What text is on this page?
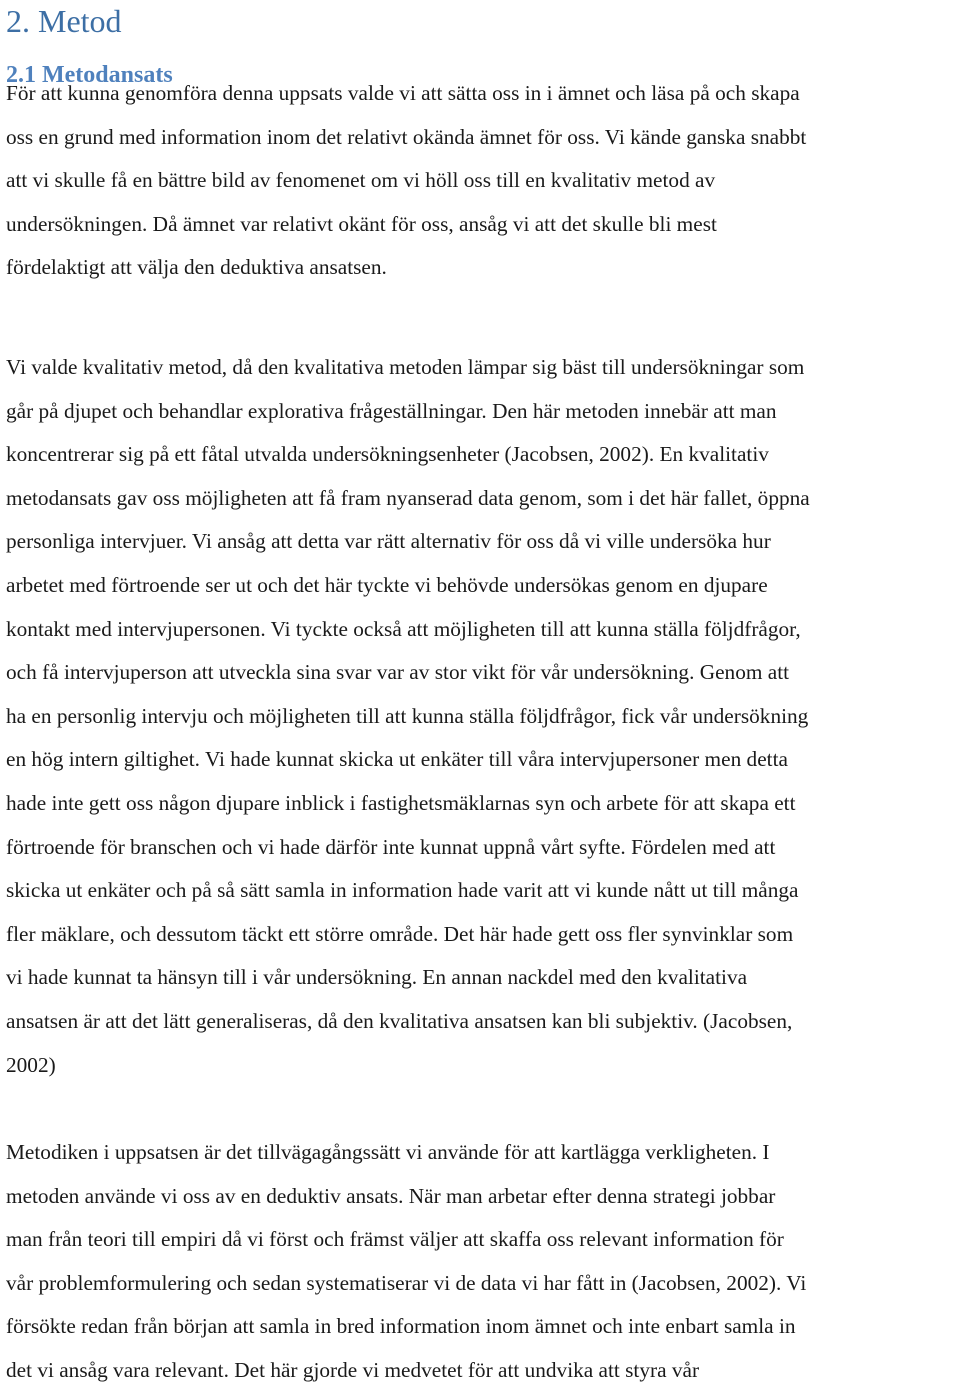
2. Metod
2.1 Metodansats
För att kunna genomföra denna uppsats valde vi att sätta oss in i ämnet och läsa på och skapa
oss en grund med information inom det relativt okända ämnet för oss. Vi kände ganska snabbt
att vi skulle få en bättre bild av fenomenet om vi höll oss till en kvalitativ metod av
undersökningen. Då ämnet var relativt okänt för oss, ansåg vi att det skulle bli mest
fördelaktigt att välja den deduktiva ansatsen.
Vi valde kvalitativ metod, då den kvalitativa metoden lämpar sig bäst till undersökningar som
går på djupet och behandlar explorativa frågeställningar. Den här metoden innebär att man
koncentrerar sig på ett fåtal utvalda undersökningsenheter (Jacobsen, 2002). En kvalitativ
metodansats gav oss möjligheten att få fram nyanserad data genom, som i det här fallet, öppna
personliga intervjuer. Vi ansåg att detta var rätt alternativ för oss då vi ville undersöka hur
arbetet med förtroende ser ut och det här tyckte vi behövde undersökas genom en djupare
kontakt med intervjupersonen. Vi tyckte också att möjligheten till att kunna ställa följdfrågor,
och få intervjuperson att utveckla sina svar var av stor vikt för vår undersökning. Genom att
ha en personlig intervju och möjligheten till att kunna ställa följdfrågor, fick vår undersökning
en hög intern giltighet. Vi hade kunnat skicka ut enkäter till våra intervjupersoner men detta
hade inte gett oss någon djupare inblick i fastighetsmäklarnas syn och arbete för att skapa ett
förtroende för branschen och vi hade därför inte kunnat uppnå vårt syfte. Fördelen med att
skicka ut enkäter och på så sätt samla in information hade varit att vi kunde nått ut till många
fler mäklare, och dessutom täckt ett större område. Det här hade gett oss fler synvinklar som
vi hade kunnat ta hänsyn till i vår undersökning. En annan nackdel med den kvalitativa
ansatsen är att det lätt generaliseras, då den kvalitativa ansatsen kan bli subjektiv. (Jacobsen,
2002)
Metodiken i uppsatsen är det tillvägagångssätt vi använde för att kartlägga verkligheten. I
metoden använde vi oss av en deduktiv ansats. När man arbetar efter denna strategi jobbar
man från teori till empiri då vi först och främst väljer att skaffa oss relevant information för
vår problemformulering och sedan systematiserar vi de data vi har fått in (Jacobsen, 2002). Vi
försökte redan från början att samla in bred information inom ämnet och inte enbart samla in
det vi ansåg vara relevant. Det här gjorde vi medvetet för att undvika att styra vår
